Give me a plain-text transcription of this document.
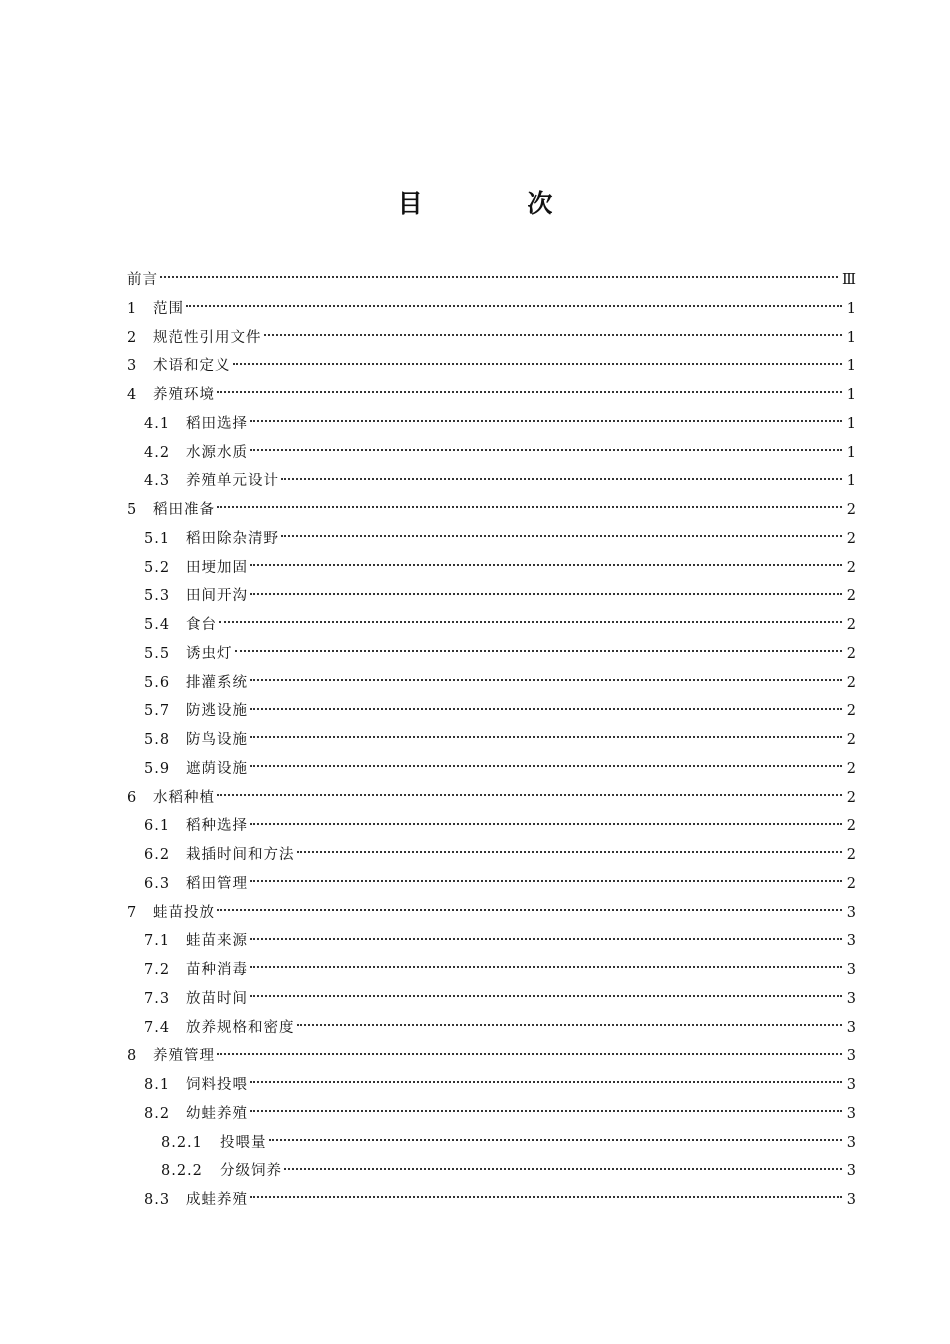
目 次
前言	Ⅲ
1	范围	1
2	规范性引用文件	1
3	术语和定义	1
4	养殖环境	1
4.1	稻田选择	1
4.2	水源水质	1
4.3	养殖单元设计	1
5	稻田准备	2
5.1	稻田除杂清野	2
5.2	田埂加固	2
5.3	田间开沟	2
5.4	食台	2
5.5	诱虫灯	2
5.6	排灌系统	2
5.7	防逃设施	2
5.8	防鸟设施	2
5.9	遮荫设施	2
6	水稻种植	2
6.1	稻种选择	2
6.2	栽插时间和方法	2
6.3	稻田管理	2
7	蛙苗投放	3
7.1	蛙苗来源	3
7.2	苗种消毒	3
7.3	放苗时间	3
7.4	放养规格和密度	3
8	养殖管理	3
8.1	饲料投喂	3
8.2	幼蛙养殖	3
8.2.1	投喂量	3
8.2.2	分级饲养	3
8.3	成蛙养殖	3
